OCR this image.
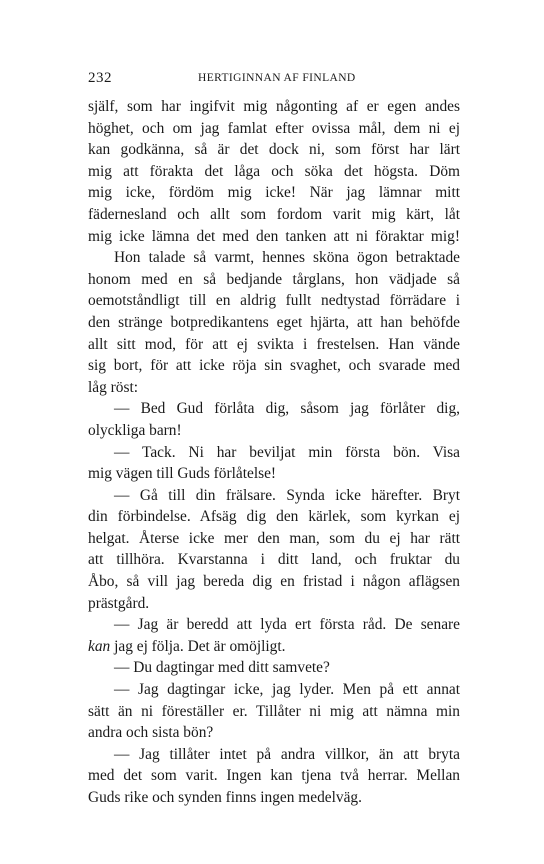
232	HERTIGINNAN AF FINLAND
själf, som har ingifvit mig någonting af er egen andes
höghet, och om jag famlat efter ovissa mål, dem ni ej
kan godkänna, så är det dock ni, som först har lärt
mig att förakta det låga och söka det högsta. Döm
mig icke, fördöm mig icke! När jag lämnar mitt
fädernesland och allt som fordom varit mig kärt, låt
mig icke lämna det med den tanken att ni föraktar mig!
Hon talade så varmt, hennes sköna ögon betraktade
honom med en så bedjande tårglans, hon vädjade så
oemotståndligt till en aldrig fullt nedtystad förrädare i
den stränge botpredikantens eget hjärta, att han behöfde
allt sitt mod, för att ej svikta i frestelsen. Han vände
sig bort, för att icke röja sin svaghet, och svarade med
låg röst:
— Bed Gud förlåta dig, såsom jag förlåter dig,
olyckliga barn!
— Tack. Ni har beviljat min första bön. Visa
mig vägen till Guds förlåtelse!
— Gå till din frälsare. Synda icke härefter. Bryt
din förbindelse. Afsäg dig den kärlek, som kyrkan ej
helgat. Återse icke mer den man, som du ej har rätt
att tillhöra. Kvarstanna i ditt land, och fruktar du
Åbo, så vill jag bereda dig en fristad i någon aflägsen
prästgård.
— Jag är beredd att lyda ert första råd. De senare
kan jag ej följa. Det är omöjligt.
— Du dagtingar med ditt samvete?
— Jag dagtingar icke, jag lyder. Men på ett annat
sätt än ni föreställer er. Tillåter ni mig att nämna min
andra och sista bön?
— Jag tillåter intet på andra villkor, än att bryta
med det som varit. Ingen kan tjena två herrar. Mellan
Guds rike och synden finns ingen medelväg.
